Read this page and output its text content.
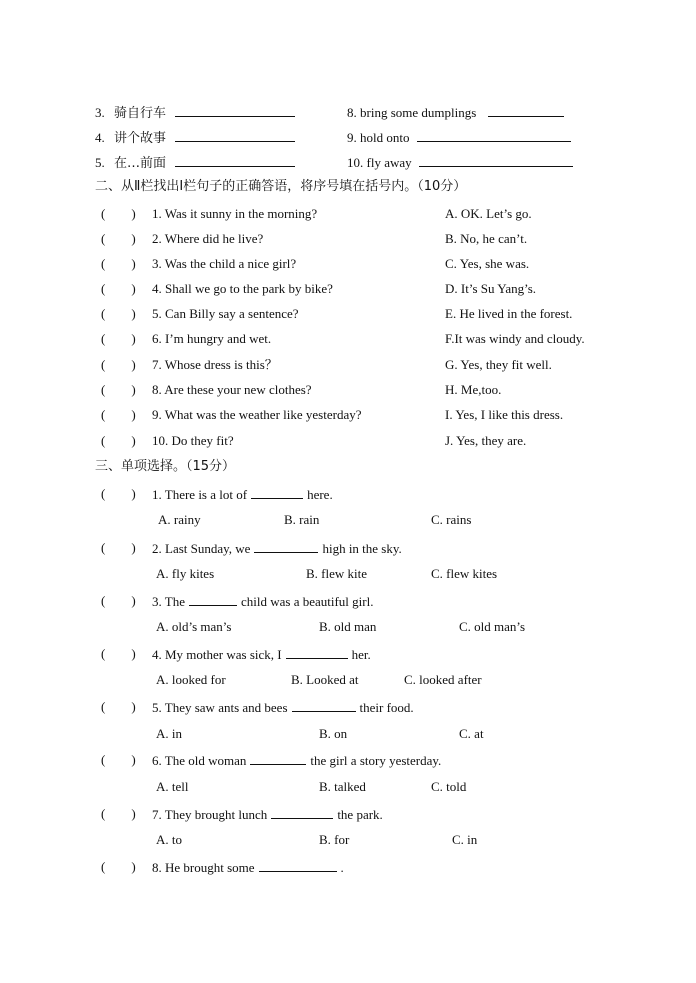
3. 骑自行车	8. bring some dumplings
4. 讲个故事	9. hold onto
5. 在…前面	10. fly away
二、从Ⅱ栏找出Ⅰ栏句子的正确答语，将序号填在括号内。（10分）
(        ) 1. Was it sunny in the morning?	A. OK. Let’s go.
(        ) 2. Where did he live?	B. No, he can’t.
(        ) 3. Was the child a nice girl?	C. Yes, she was.
(        ) 4. Shall we go to the park by bike?	D. It’s Su Yang’s.
(        ) 5. Can Billy say a sentence?	E. He lived in the forest.
(        ) 6. I’m hungry and wet.	F.It was windy and cloudy.
(        ) 7. Whose dress is this？	G. Yes, they fit well.
(        ) 8. Are these your new clothes?	H. Me,too.
(        ) 9. What was the weather like yesterday?	I. Yes, I like this dress.
(        ) 10. Do they fit?	J. Yes, they are.
三、单项选择。（15分）
(        ) 1. There is a lot of	here.
A. rainy	B. rain	C. rains
(        ) 2. Last Sunday, we	high in the sky.
A. fly kites	B. flew kite	C. flew kites
(        ) 3. The	child was a beautiful girl.
A. old’s man’s	B. old man	C. old man’s
(        ) 4. My mother was sick, I	her.
A. looked for	B. Looked at	C. looked after
(        ) 5. They saw ants and bees	their food.
A. in	B. on	C. at
(        ) 6. The old woman	the girl a story yesterday.
A. tell	B. talked	C. told
(        ) 7. They brought lunch	the park.
A. to	B. for	C. in
(        ) 8. He brought some	.
